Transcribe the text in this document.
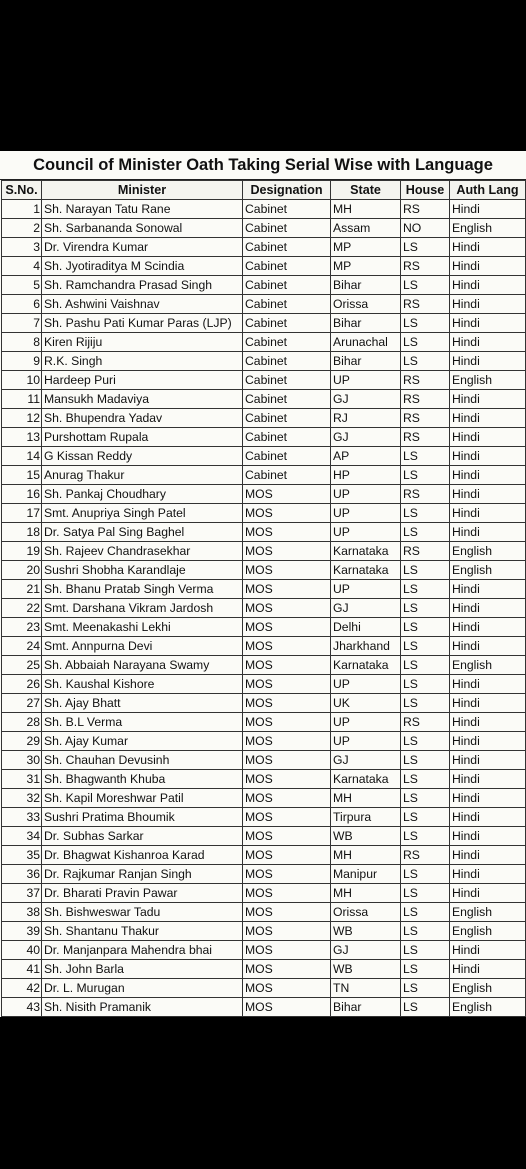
Council of Minister Oath Taking Serial Wise with Language
S.No.	Minister	Designation	State	House	Auth Lang
1	Sh. Narayan Tatu Rane	Cabinet	MH	RS	Hindi
2	Sh. Sarbananda Sonowal	Cabinet	Assam	NO	English
3	Dr. Virendra Kumar	Cabinet	MP	LS	Hindi
4	Sh. Jyotiraditya M Scindia	Cabinet	MP	RS	Hindi
5	Sh. Ramchandra Prasad Singh	Cabinet	Bihar	LS	Hindi
6	Sh. Ashwini Vaishnav	Cabinet	Orissa	RS	Hindi
7	Sh. Pashu Pati Kumar Paras (LJP)	Cabinet	Bihar	LS	Hindi
8	Kiren Rijiju	Cabinet	Arunachal	LS	Hindi
9	R.K. Singh	Cabinet	Bihar	LS	Hindi
10	Hardeep Puri	Cabinet	UP	RS	English
11	Mansukh Madaviya	Cabinet	GJ	RS	Hindi
12	Sh. Bhupendra Yadav	Cabinet	RJ	RS	Hindi
13	Purshottam Rupala	Cabinet	GJ	RS	Hindi
14	G Kissan Reddy	Cabinet	AP	LS	Hindi
15	Anurag Thakur	Cabinet	HP	LS	Hindi
16	Sh. Pankaj Choudhary	MOS	UP	RS	Hindi
17	Smt. Anupriya Singh Patel	MOS	UP	LS	Hindi
18	Dr. Satya Pal Sing Baghel	MOS	UP	LS	Hindi
19	Sh. Rajeev Chandrasekhar	MOS	Karnataka	RS	English
20	Sushri Shobha Karandlaje	MOS	Karnataka	LS	English
21	Sh. Bhanu Pratab Singh Verma	MOS	UP	LS	Hindi
22	Smt. Darshana Vikram Jardosh	MOS	GJ	LS	Hindi
23	Smt. Meenakashi Lekhi	MOS	Delhi	LS	Hindi
24	Smt. Annpurna Devi	MOS	Jharkhand	LS	Hindi
25	Sh. Abbaiah Narayana Swamy	MOS	Karnataka	LS	English
26	Sh. Kaushal Kishore	MOS	UP	LS	Hindi
27	Sh. Ajay Bhatt	MOS	UK	LS	Hindi
28	Sh. B.L Verma	MOS	UP	RS	Hindi
29	Sh. Ajay Kumar	MOS	UP	LS	Hindi
30	Sh. Chauhan Devusinh	MOS	GJ	LS	Hindi
31	Sh. Bhagwanth Khuba	MOS	Karnataka	LS	Hindi
32	Sh. Kapil Moreshwar Patil	MOS	MH	LS	Hindi
33	Sushri Pratima Bhoumik	MOS	Tirpura	LS	Hindi
34	Dr. Subhas Sarkar	MOS	WB	LS	Hindi
35	Dr. Bhagwat Kishanroa Karad	MOS	MH	RS	Hindi
36	Dr. Rajkumar Ranjan Singh	MOS	Manipur	LS	Hindi
37	Dr. Bharati Pravin Pawar	MOS	MH	LS	Hindi
38	Sh. Bishweswar Tadu	MOS	Orissa	LS	English
39	Sh. Shantanu Thakur	MOS	WB	LS	English
40	Dr. Manjanpara Mahendra bhai	MOS	GJ	LS	Hindi
41	Sh. John Barla	MOS	WB	LS	Hindi
42	Dr. L. Murugan	MOS	TN	LS	English
43	Sh. Nisith Pramanik	MOS	Bihar	LS	English
